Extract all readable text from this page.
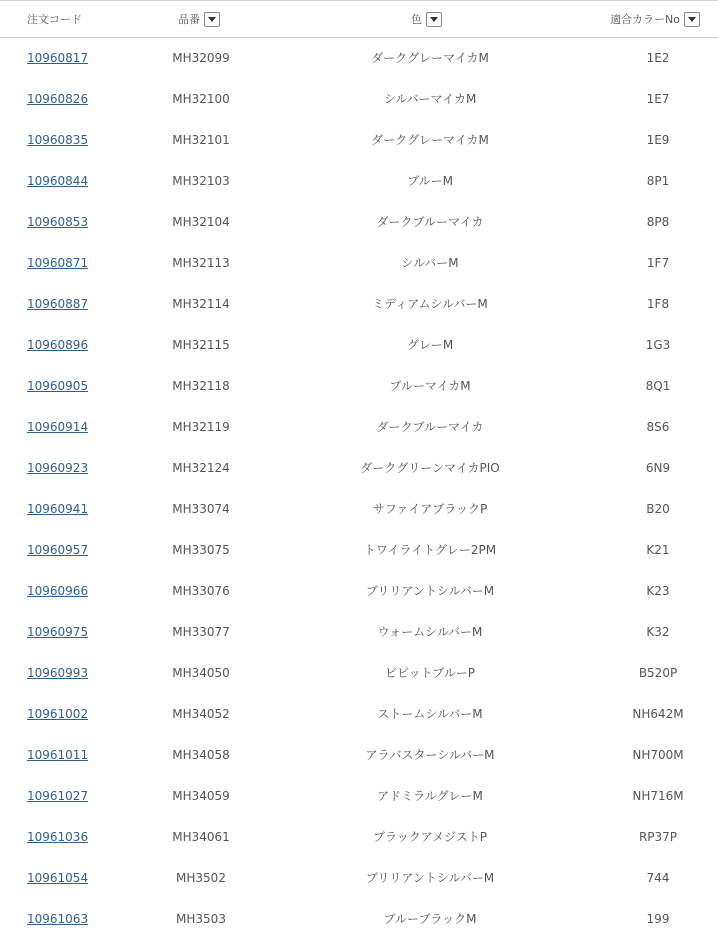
注文コード	品番	色	適合カラーNo
10960817	MH32099	ダークグレーマイカM	1E2
10960826	MH32100	シルバーマイカM	1E7
10960835	MH32101	ダークグレーマイカM	1E9
10960844	MH32103	ブルーM	8P1
10960853	MH32104	ダークブルーマイカ	8P8
10960871	MH32113	シルバーM	1F7
10960887	MH32114	ミディアムシルバーM	1F8
10960896	MH32115	グレーM	1G3
10960905	MH32118	ブルーマイカM	8Q1
10960914	MH32119	ダークブルーマイカ	8S6
10960923	MH32124	ダークグリーンマイカPIO	6N9
10960941	MH33074	サファイアブラックP	B20
10960957	MH33075	トワイライトグレー2PM	K21
10960966	MH33076	ブリリアントシルバーM	K23
10960975	MH33077	ウォームシルバーM	K32
10960993	MH34050	ビビットブルーP	B520P
10961002	MH34052	ストームシルバーM	NH642M
10961011	MH34058	アラバスターシルバーM	NH700M
10961027	MH34059	アドミラルグレーM	NH716M
10961036	MH34061	ブラックアメジストP	RP37P
10961054	MH3502	ブリリアントシルバーM	744
10961063	MH3503	ブルーブラックM	199
